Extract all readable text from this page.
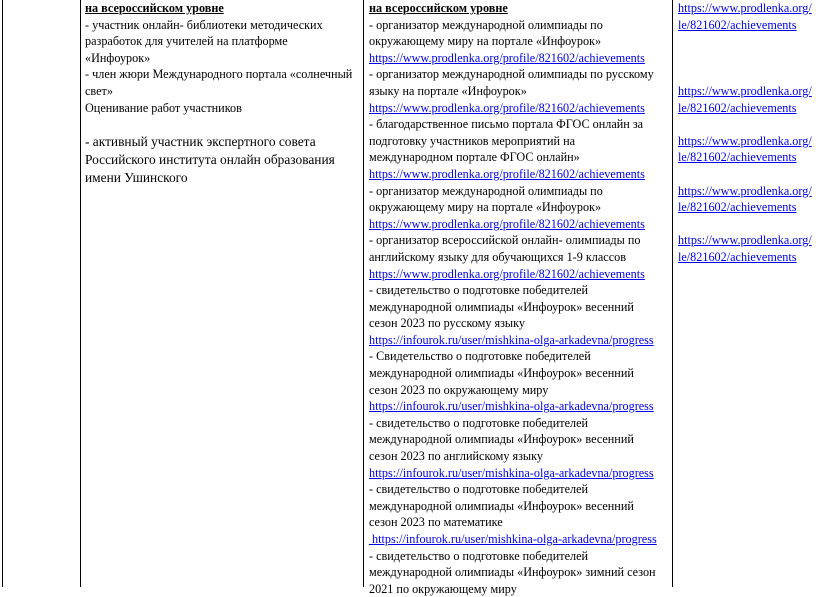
на всероссийском уровне
- участник онлайн- библиотеки методических
разработок для учителей на платформе
«Инфоурок»
- член жюри Международного портала «солнечный
свет»
Оценивание работ участников
- активный участник экспертного совета
Российского института онлайн образования
имени Ушинского
на всероссийском уровне
- организатор международной олимпиады по
окружающему миру на портале «Инфоурок»
https://www.prodlenka.org/profile/821602/achievements
- организатор международной олимпиады по русскому
языку на портале «Инфоурок»
https://www.prodlenka.org/profile/821602/achievements
- благодарственное письмо портала ФГОС онлайн за
подготовку участников мероприятий на
международном портале ФГОС онлайн»
https://www.prodlenka.org/profile/821602/achievements
- организатор международной олимпиады по
окружающему миру на портале «Инфоурок»
https://www.prodlenka.org/profile/821602/achievements
- организатор всероссийской онлайн- олимпиады по
английскому языку для обучающихся 1-9 классов
https://www.prodlenka.org/profile/821602/achievements
- свидетельство о подготовке победителей
международной олимпиады «Инфоурок» весенний
сезон 2023 по русскому языку
https://infourok.ru/user/mishkina-olga-arkadevna/progress
- Свидетельство о подготовке победителей
международной олимпиады «Инфоурок» весенний
сезон 2023 по окружающему миру
https://infourok.ru/user/mishkina-olga-arkadevna/progress
- свидетельство о подготовке победителей
международной олимпиады «Инфоурок» весенний
сезон 2023 по английскому языку
https://infourok.ru/user/mishkina-olga-arkadevna/progress
- свидетельство о подготовке победителей
международной олимпиады «Инфоурок» весенний
сезон 2023 по математике
https://infourok.ru/user/mishkina-olga-arkadevna/progress
- свидетельство о подготовке победителей
международной олимпиады «Инфоурок» зимний сезон
2021 по окружающему миру
https://www.prodlenka.org/
le/821602/achievements
https://www.prodlenka.org/
le/821602/achievements
https://www.prodlenka.org/
le/821602/achievements
https://www.prodlenka.org/
le/821602/achievements
https://www.prodlenka.org/
le/821602/achievements
